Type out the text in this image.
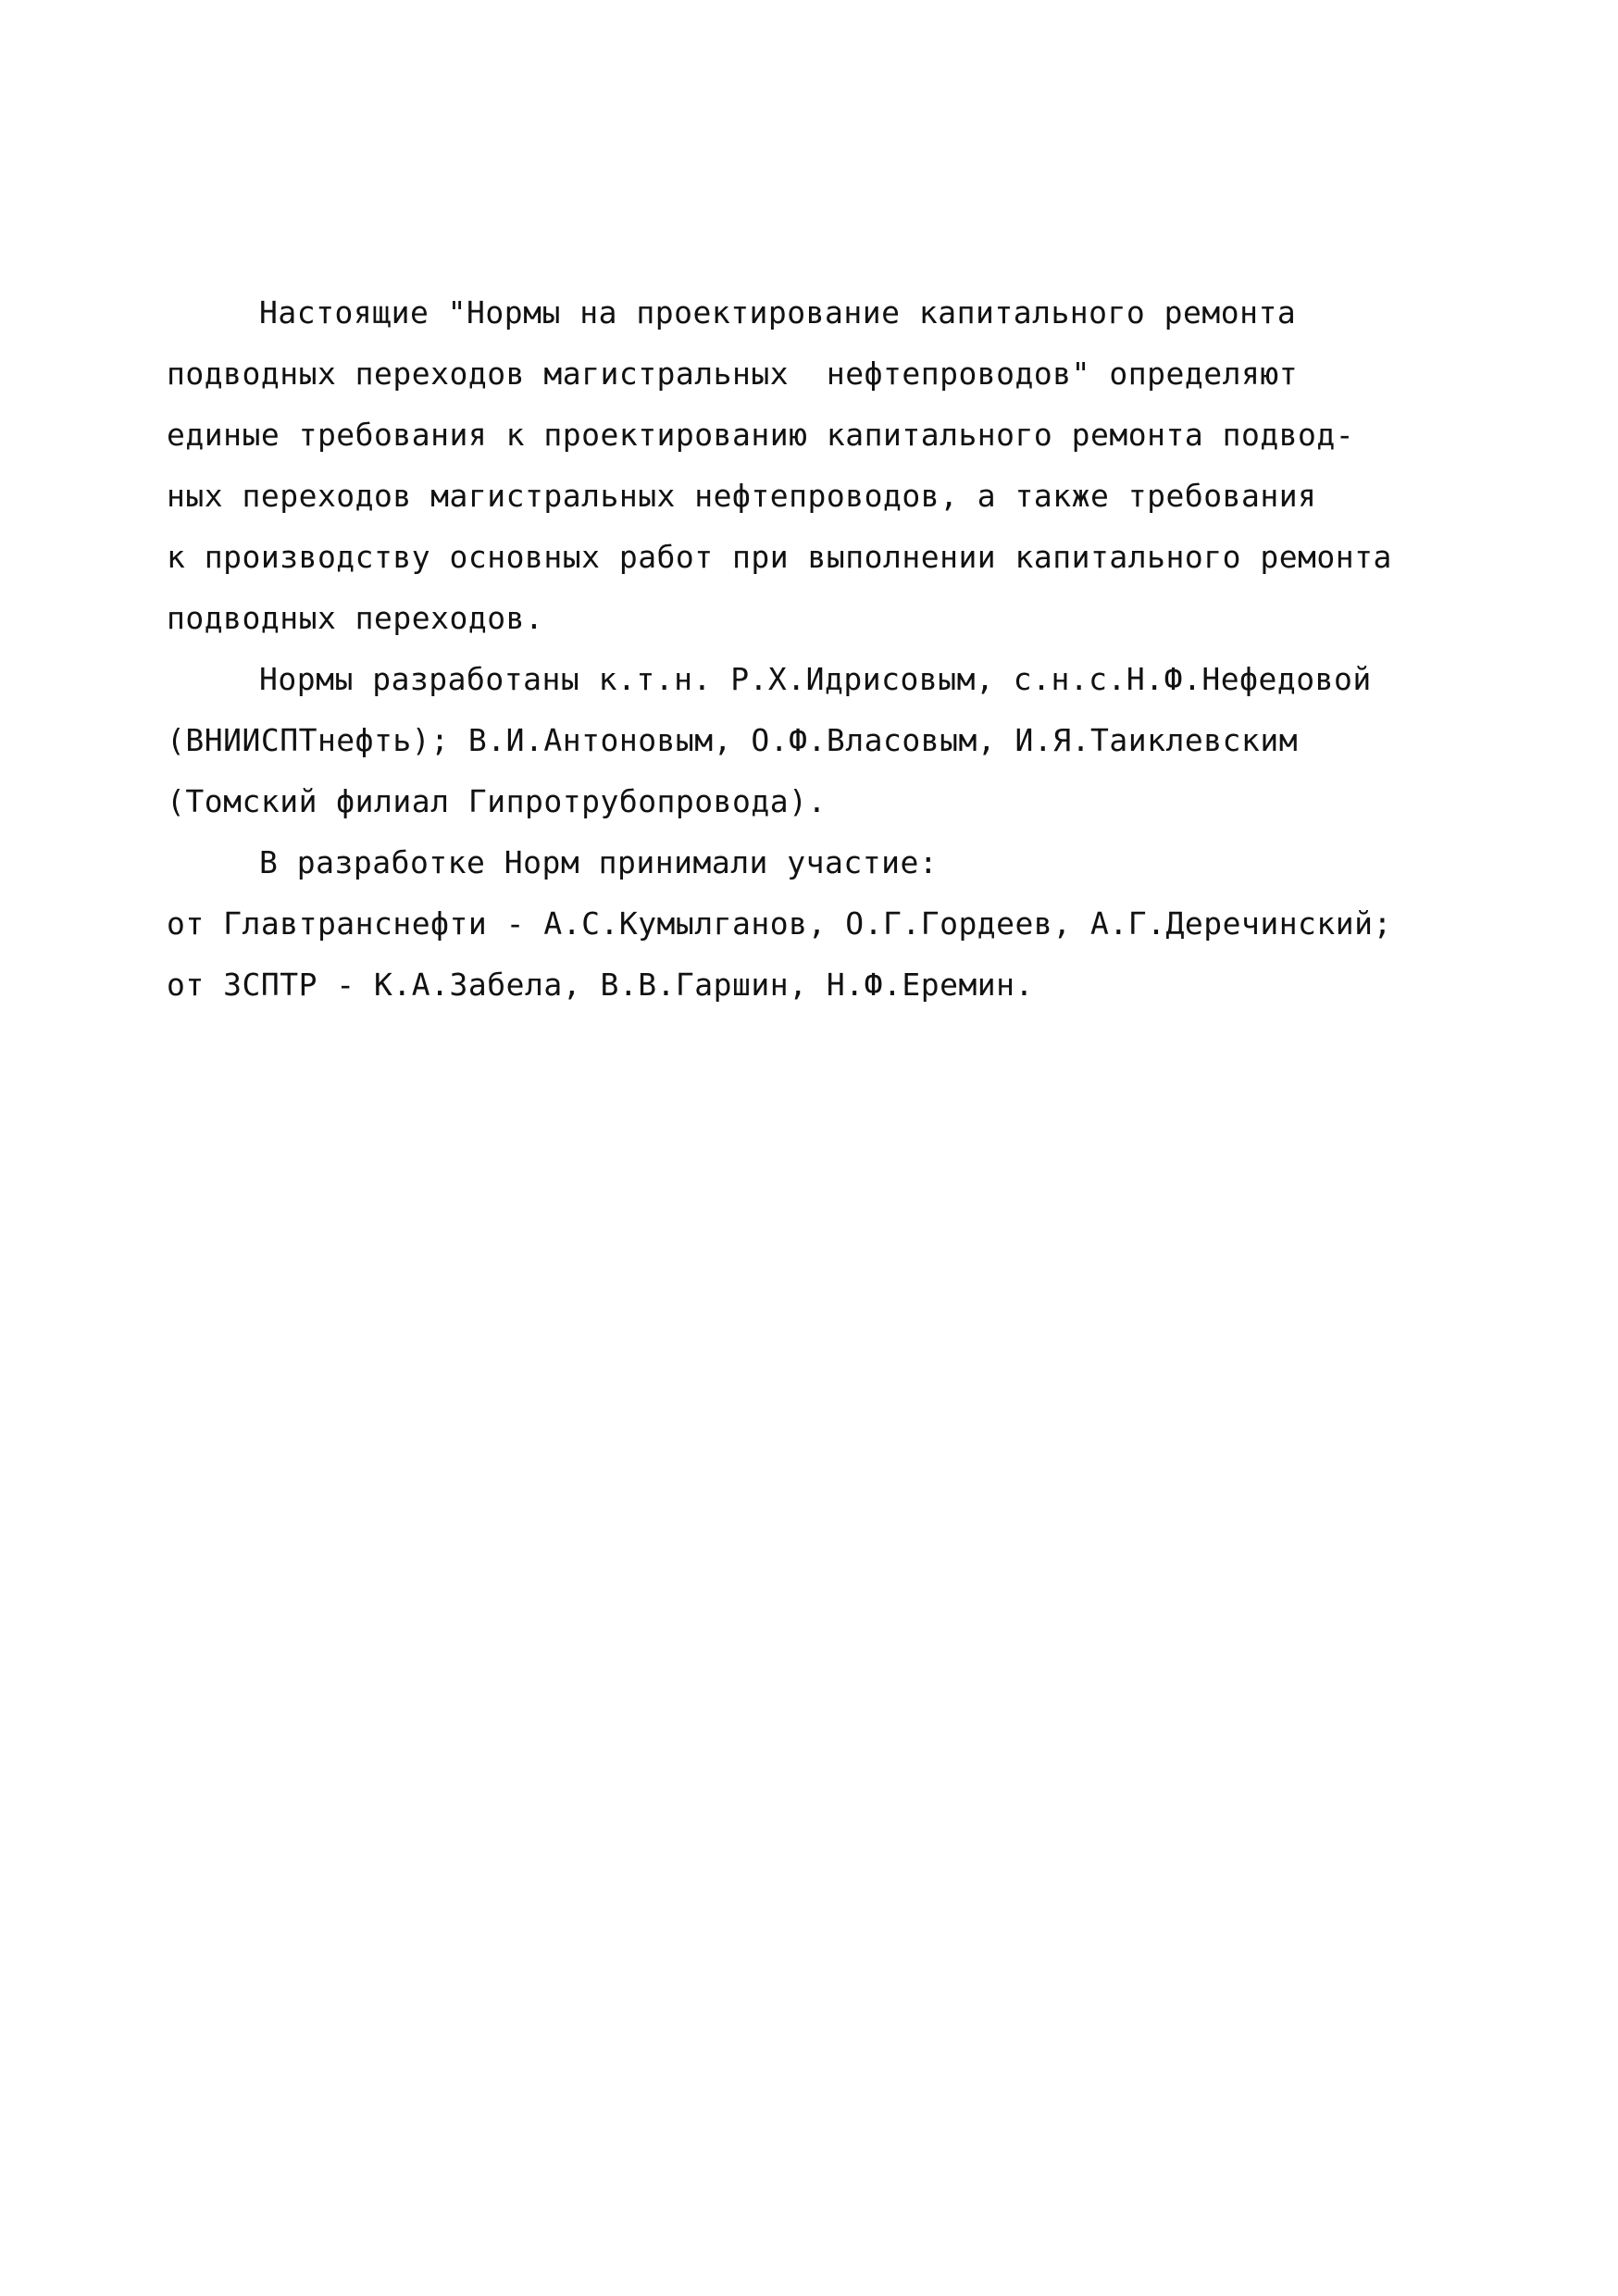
Настоящие "Нормы на проектирование капитального ремонта
подводных переходов магистральных  нефтепроводов" определяют
единые требования к проектированию капитального ремонта подвод-
ных переходов магистральных нефтепроводов, а также требования
к производству основных работ при выполнении капитального ремонта
подводных переходов.
Нормы разработаны к.т.н. Р.Х.Идрисовым, с.н.с.Н.Ф.Нефедовой
(ВНИИСПТнефть); В.И.Антоновым, О.Ф.Власовым, И.Я.Таиклевским
(Томский филиал Гипротрубопровода).
В разработке Норм принимали участие:
от Главтранснефти - А.С.Кумылганов, О.Г.Гордеев, А.Г.Деречинский;
от ЗСПТР - К.А.Забела, В.В.Гаршин, Н.Ф.Еремин.
